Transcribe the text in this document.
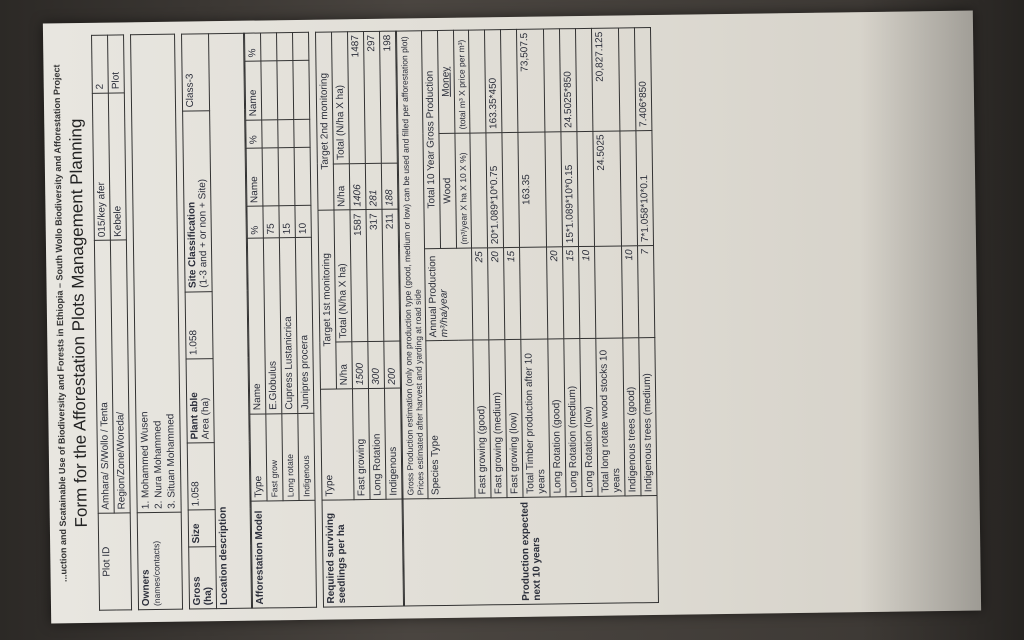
...uction and Scatainable Use of Biodiversity and Forests in Ethiopia – South Wollo Biodiversity and Afforestation Project
Form for the Afforestation Plots Management Planning
Plot ID	Amhara/ S/Wollo / Tenta	015/key afer	2
	Region/Zone/Woreda/	Kebele	Plot
Owners (names/contacts)

1. Mohammed Wusen 2. Nura Mohammed 3. Situan Mohammed
Gross (ha)
	Size	1.058	
Plant able Area (ha)
	1.058	
Site Classification
(1-3 and + or non + Site)
	Class-3
Location description Afforestation Model	Type	Name	%	Name	%	Name	%
	Fast grow	E.Globulus	75				
	Long rotate	Cupress Lustanicrica	15				
	Indigenous	Junipres procera	10				
Required surviving seedlings per ha	Type	Target 1st monitoring		Target 2nd monitoring	
		N/ha	Total (N/ha X ha)	N/ha	Total (N/ha X ha)
	Fast growing	1500	1587	1406	1487
	Long Rotation	300	317	281	297
	Indigenous	200	211	188	198
Production expected next 10 years	Gross Production estimation (only one production type (good, medium or low) can be used and filled per afforestation plot) Prices estimated after harvest and yarding at road side			
	Species Type	Annual Production m³/ha/year	Total 10 Year Gross Production	
			Wood	Money
			(m³/year X ha X 10 X %)	(total m³ X price per m³)
	Fast growing (good)	25		
	Fast growing (medium)	20	20*1.089*10*0.75	163.35*450
	Fast growing (low)	15		
	Total Timber production after 10 years		163.35	73,507.5
	Long Rotation (good)	20		
	Long Rotation (medium)	15	15*1.089*10*0.15	24.5025*850
	Long Rotation (low)	10		
	Total long rotate wood stocks 10 years		24.5025	20,827.125
	Indigenous trees (good)	10		
	Indigenous trees (medium)	7	7*1.058*10*0.1	7.406*850
